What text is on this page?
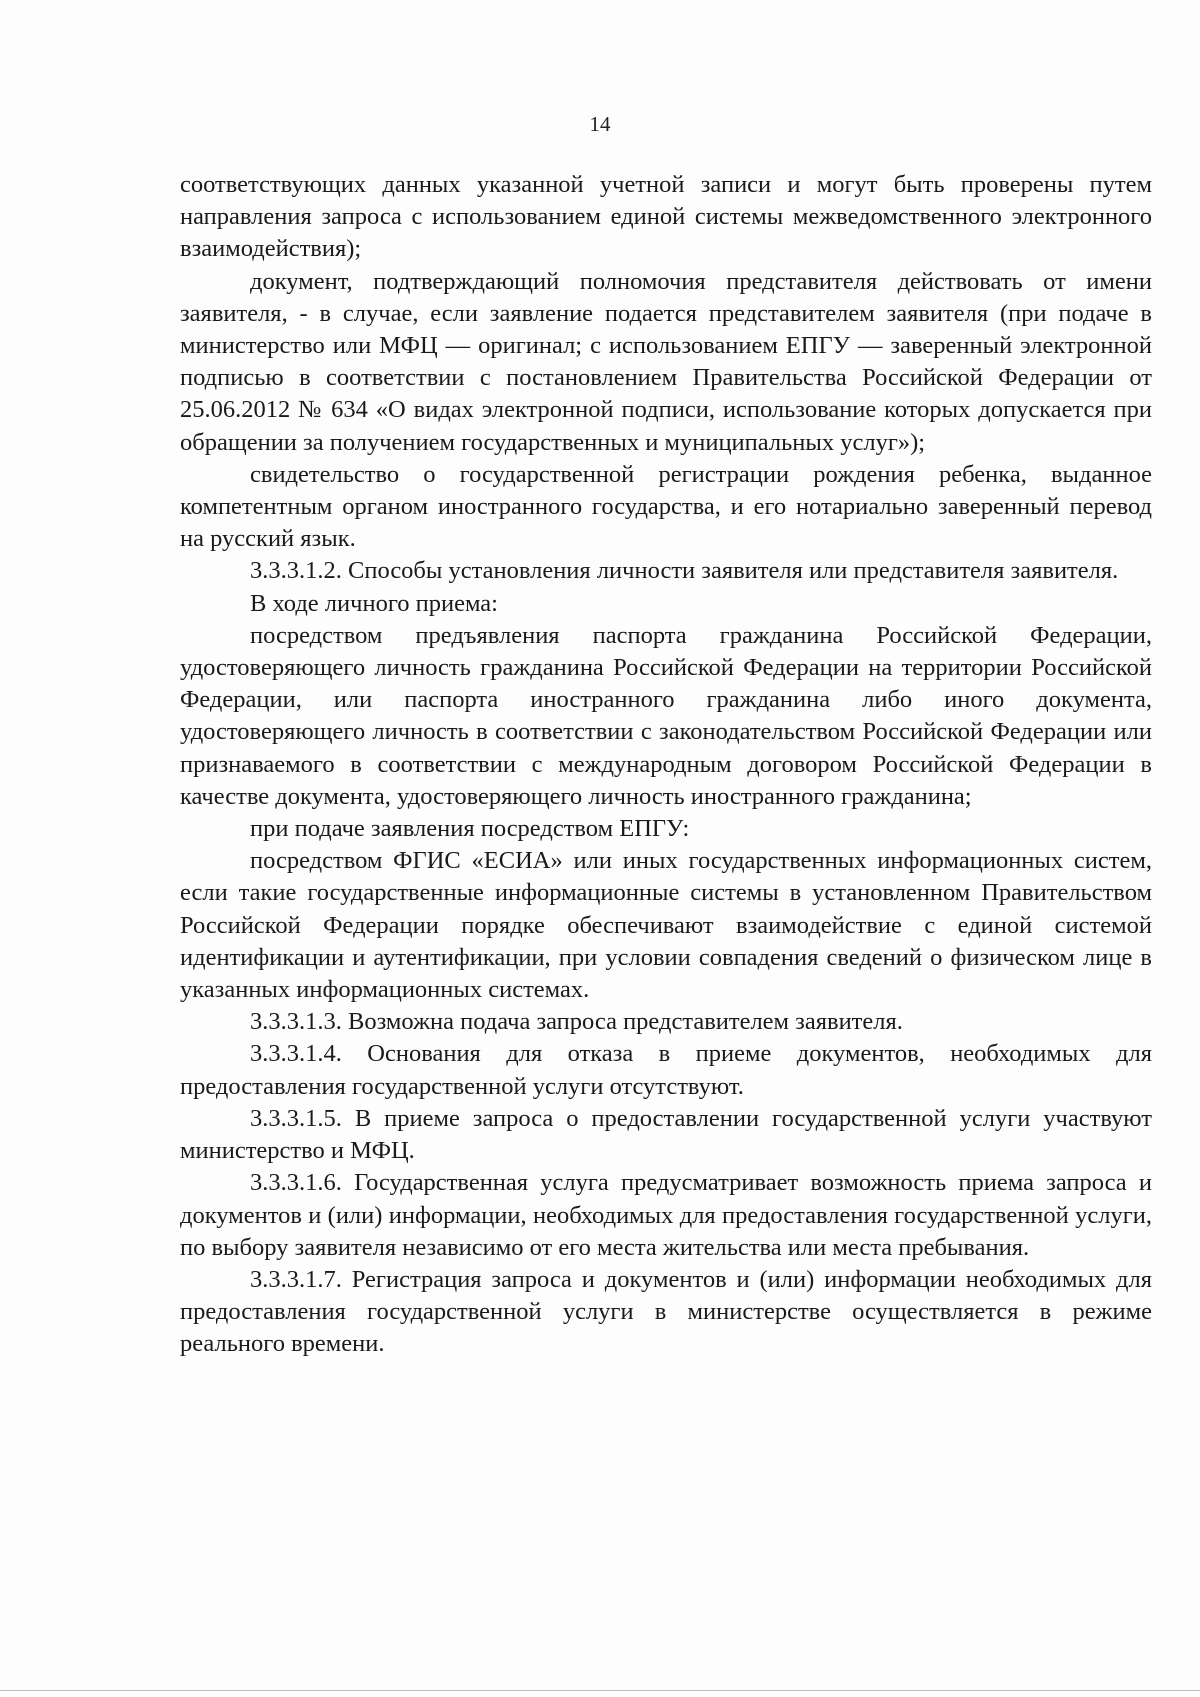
14

соответствующих данных указанной учетной записи и могут быть проверены путем направления запроса с использованием единой системы межведомственного электронного взаимодействия);

документ, подтверждающий полномочия представителя действовать от имени заявителя, - в случае, если заявление подается представителем заявителя (при подаче в министерство или МФЦ — оригинал; с использованием ЕПГУ — заверенный электронной подписью в соответствии с постановлением Правительства Российской Федерации от 25.06.2012 № 634 «О видах электронной подписи, использование которых допускается при обращении за получением государственных и муниципальных услуг»);

свидетельство о государственной регистрации рождения ребенка, выданное компетентным органом иностранного государства, и его нотариально заверенный перевод на русский язык.

3.3.3.1.2. Способы установления личности заявителя или представителя заявителя.

В ходе личного приема:

посредством предъявления паспорта гражданина Российской Федерации, удостоверяющего личность гражданина Российской Федерации на территории Российской Федерации, или паспорта иностранного гражданина либо иного документа, удостоверяющего личность в соответствии с законодательством Российской Федерации или признаваемого в соответствии с международным договором Российской Федерации в качестве документа, удостоверяющего личность иностранного гражданина;

при подаче заявления посредством ЕПГУ:

посредством ФГИС «ЕСИА» или иных государственных информационных систем, если такие государственные информационные системы в установленном Правительством Российской Федерации порядке обеспечивают взаимодействие с единой системой идентификации и аутентификации, при условии совпадения сведений о физическом лице в указанных информационных системах.

3.3.3.1.3. Возможна подача запроса представителем заявителя.

3.3.3.1.4. Основания для отказа в приеме документов, необходимых для предоставления государственной услуги отсутствуют.

3.3.3.1.5. В приеме запроса о предоставлении государственной услуги участвуют министерство и МФЦ.

3.3.3.1.6. Государственная услуга предусматривает возможность приема запроса и документов и (или) информации, необходимых для предоставления государственной услуги, по выбору заявителя независимо от его места жительства или места пребывания.

3.3.3.1.7. Регистрация запроса и документов и (или) информации необходимых для предоставления государственной услуги в министерстве осуществляется в режиме реального времени.
